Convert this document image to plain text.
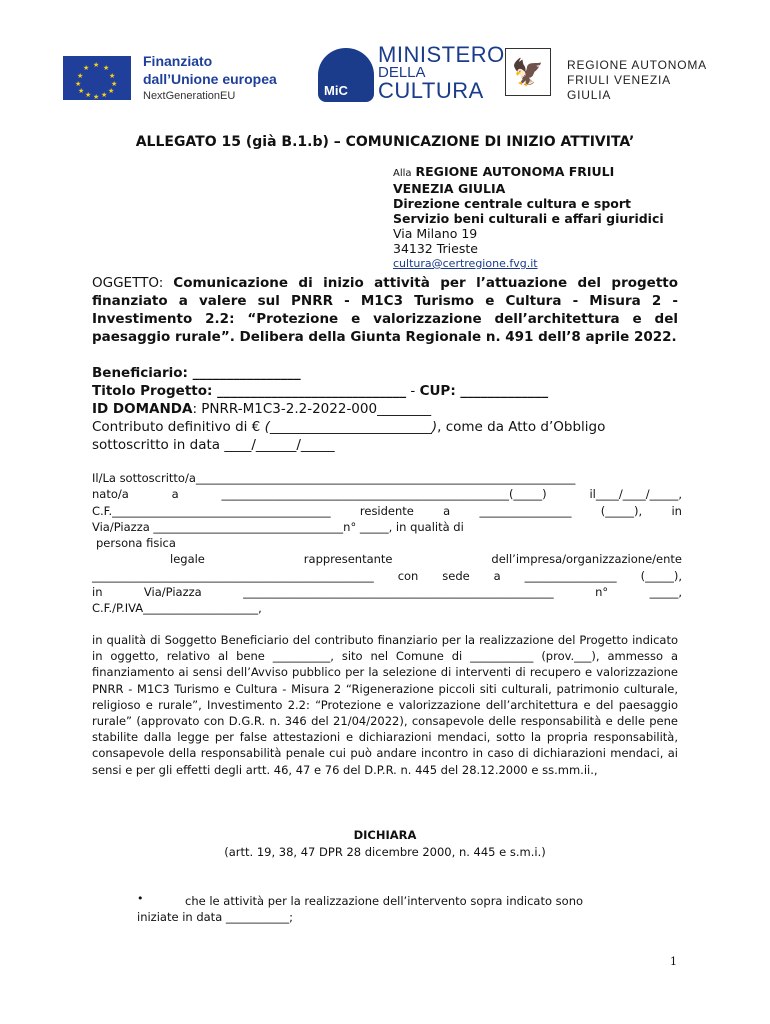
★ ★
★
★
★
★
★
★
★
★
★
★	Finanziato
dall’Unione europea
NextGenerationEU	MiC
MINISTERO
DELLA
CULTURA
🦅	REGIONE AUTONOMA
FRIULI VENEZIA GIULIA
ALLEGATO 15 (già B.1.b) – COMUNICAZIONE DI INIZIO ATTIVITA’
Alla REGIONE AUTONOMA FRIULI
VENEZIA GIULIA
Direzione centrale cultura e sport
Servizio beni culturali e affari giuridici
Via Milano 19
34132 Trieste
cultura@certregione.fvg.it
OGGETTO: Comunicazione di inizio attività per l’attuazione del progetto finanziato a valere sul PNRR - M1C3 Turismo e Cultura - Misura 2 - Investimento 2.2: “Protezione e valorizzazione dell’architettura e del paesaggio rurale”. Delibera della Giunta Regionale n. 491 dell’8 aprile 2022.
Beneficiario: ________________
Titolo Progetto: ____________________________ - CUP: _____________
ID DOMANDA: PNRR-M1C3-2.2-2022-000________
Contributo definitivo di € (________________________), come da Atto d’Obbligo
sottoscritto in data ____/______/_____
Il/La sottoscritto/a__________________________________________________________________
nato/a	a	__________________________________________________(_____)	il____/____/_____,
C.F.______________________________________	residente	a	________________	(_____),	in
Via/Piazza _________________________________n° _____, in qualità di
persona fisica
legale	rappresentante	dell’impresa/organizzazione/ente
_________________________________________________ con sede a ________________ (_____),
in	Via/Piazza	______________________________________________________	n°	_____,
C.F./P.IVA____________________,
in qualità di Soggetto Beneficiario del contributo finanziario per la realizzazione del Progetto indicato in oggetto, relativo al bene __________, sito nel Comune di ___________ (prov.___), ammesso a finanziamento ai sensi dell’Avviso pubblico per la selezione di interventi di recupero e valorizzazione PNRR - M1C3 Turismo e Cultura - Misura 2 “Rigenerazione piccoli siti culturali, patrimonio culturale, religioso e rurale”, Investimento 2.2: “Protezione e valorizzazione dell’architettura e del paesaggio rurale” (approvato con D.G.R. n. 346 del 21/04/2022), consapevole delle responsabilità e delle pene stabilite dalla legge per false attestazioni e dichiarazioni mendaci, sotto la propria responsabilità, consapevole della responsabilità penale cui può andare incontro in caso di dichiarazioni mendaci, ai sensi e per gli effetti degli artt. 46, 47 e 76 del D.P.R. n. 445 del 28.12.2000 e ss.mm.ii.,
DICHIARA
(artt. 19, 38, 47 DPR 28 dicembre 2000, n. 445 e s.m.i.)
•	che le attività per la realizzazione dell’intervento sopra indicato sono
iniziate in data ___________;
1
